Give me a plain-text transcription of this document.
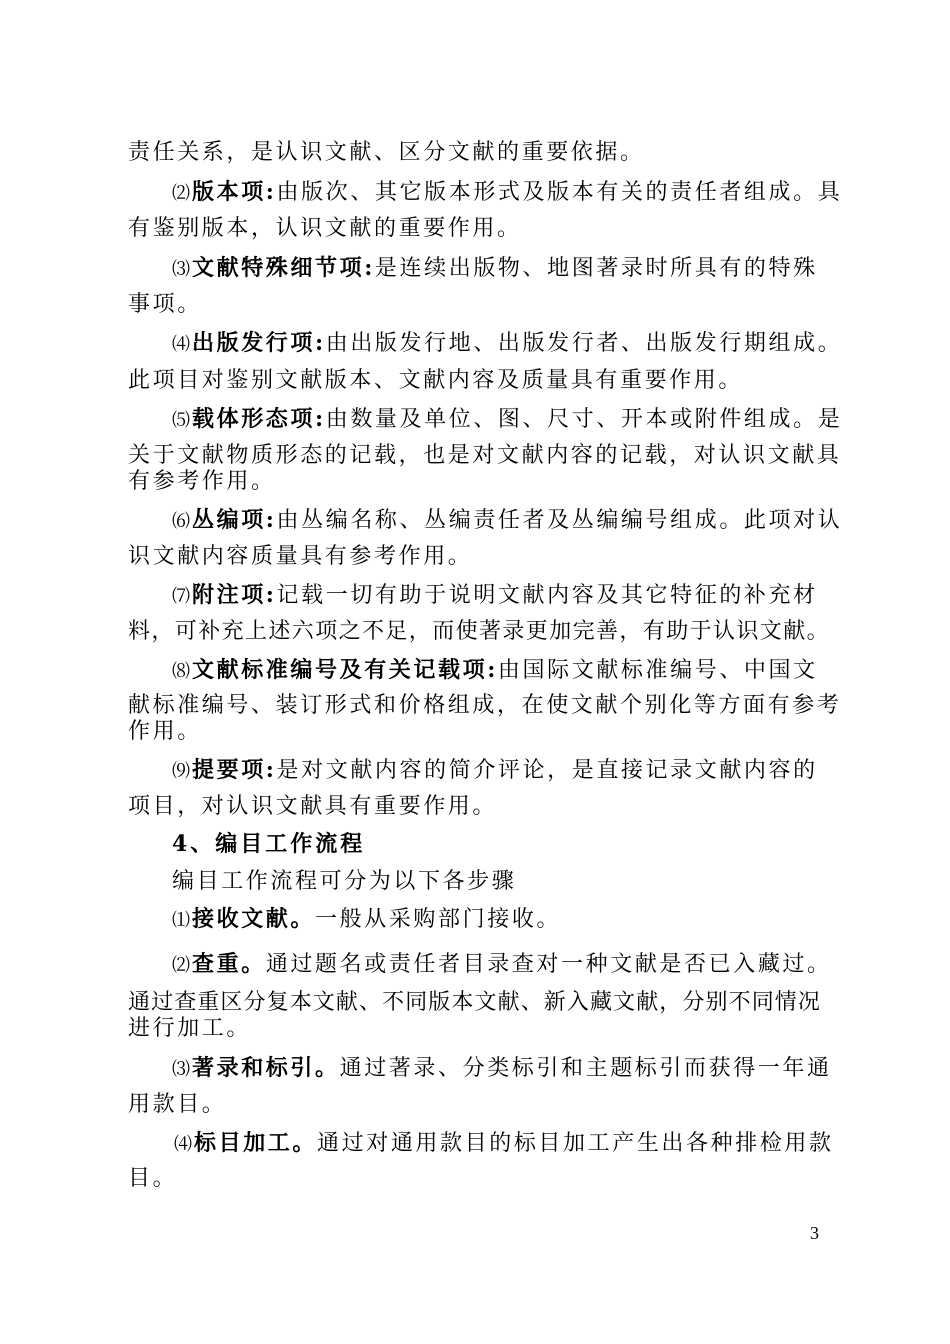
责任关系，是认识文献、区分文献的重要依据。
⑵版本项:由版次、其它版本形式及版本有关的责任者组成。具
有鉴别版本，认识文献的重要作用。
⑶文献特殊细节项:是连续出版物、地图著录时所具有的特殊
事项。
⑷出版发行项:由出版发行地、出版发行者、出版发行期组成。
此项目对鉴别文献版本、文献内容及质量具有重要作用。
⑸载体形态项:由数量及单位、图、尺寸、开本或附件组成。是
关于文献物质形态的记载，也是对文献内容的记载，对认识文献具
有参考作用。
⑹丛编项:由丛编名称、丛编责任者及丛编编号组成。此项对认
识文献内容质量具有参考作用。
⑺附注项:记载一切有助于说明文献内容及其它特征的补充材
料，可补充上述六项之不足，而使著录更加完善，有助于认识文献。
⑻文献标准编号及有关记载项:由国际文献标准编号、中国文
献标准编号、装订形式和价格组成，在使文献个别化等方面有参考
作用。
⑼提要项:是对文献内容的简介评论，是直接记录文献内容的
项目，对认识文献具有重要作用。
4、编目工作流程
编目工作流程可分为以下各步骤
⑴接收文献。一般从采购部门接收。
⑵查重。通过题名或责任者目录查对一种文献是否已入藏过。
通过查重区分复本文献、不同版本文献、新入藏文献，分别不同情况
进行加工。
⑶著录和标引。通过著录、分类标引和主题标引而获得一年通
用款目。
⑷标目加工。通过对通用款目的标目加工产生出各种排检用款
目。
3
